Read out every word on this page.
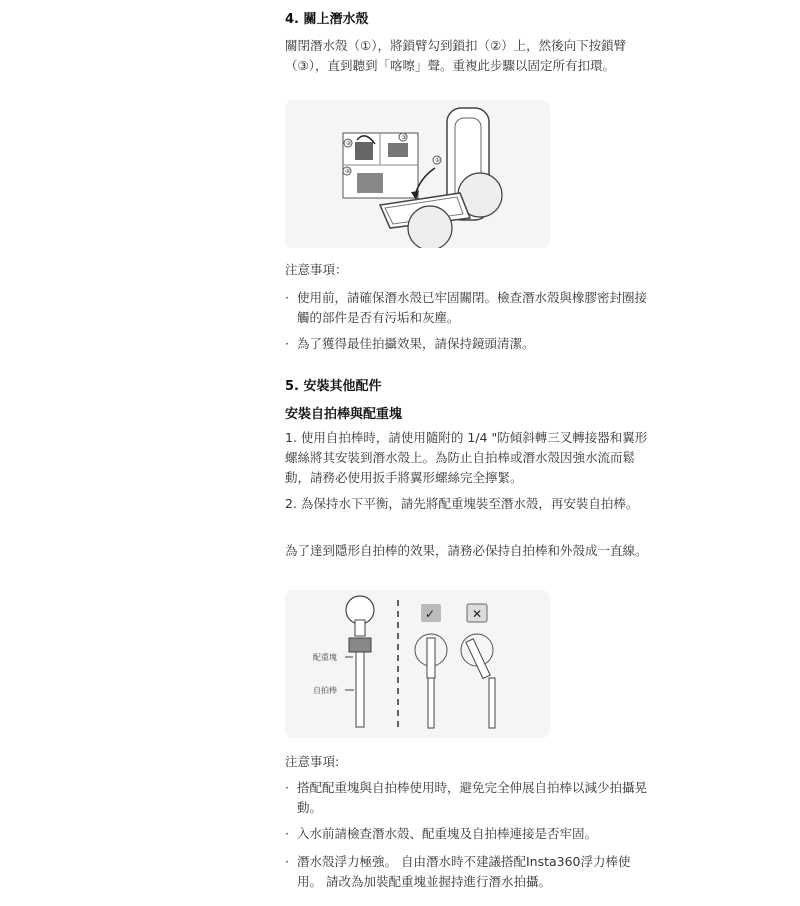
4. 關上潛水殼
關閉潛水殼（①），將鎖臂勾到鎖扣（②）上，然後向下按鎖臂（③），直到聽到「喀嚓」聲。重複此步驟以固定所有扣環。
②
③
④
①
注意事項：
· 使用前，請確保潛水殼已牢固關閉。檢查潛水殼與橡膠密封圈接觸的部件是否有污垢和灰塵。
· 為了獲得最佳拍攝效果，請保持鏡頭清潔。
5. 安裝其他配件
安裝自拍棒與配重塊
1. 使用自拍棒時，請使用隨附的 1/4 "防傾斜轉三叉轉接器和翼形螺絲將其安裝到潛水殼上。為防止自拍棒或潛水殼因強水流而鬆動，請務必使用扳手將翼形螺絲完全擰緊。
2. 為保持水下平衡，請先將配重塊裝至潛水殼，再安裝自拍棒。
為了達到隱形自拍棒的效果，請務必保持自拍棒和外殼成一直線。
配重塊
自拍棒
✓	✕
注意事項:
· 搭配配重塊與自拍棒使用時，避免完全伸展自拍棒以減少拍攝晃動。
· 入水前請檢查潛水殼、配重塊及自拍棒連接是否牢固。
· 潛水殼浮力極強。 自由潛水時不建議搭配Insta360浮力棒使用。 請改為加裝配重塊並握持進行潛水拍攝。
